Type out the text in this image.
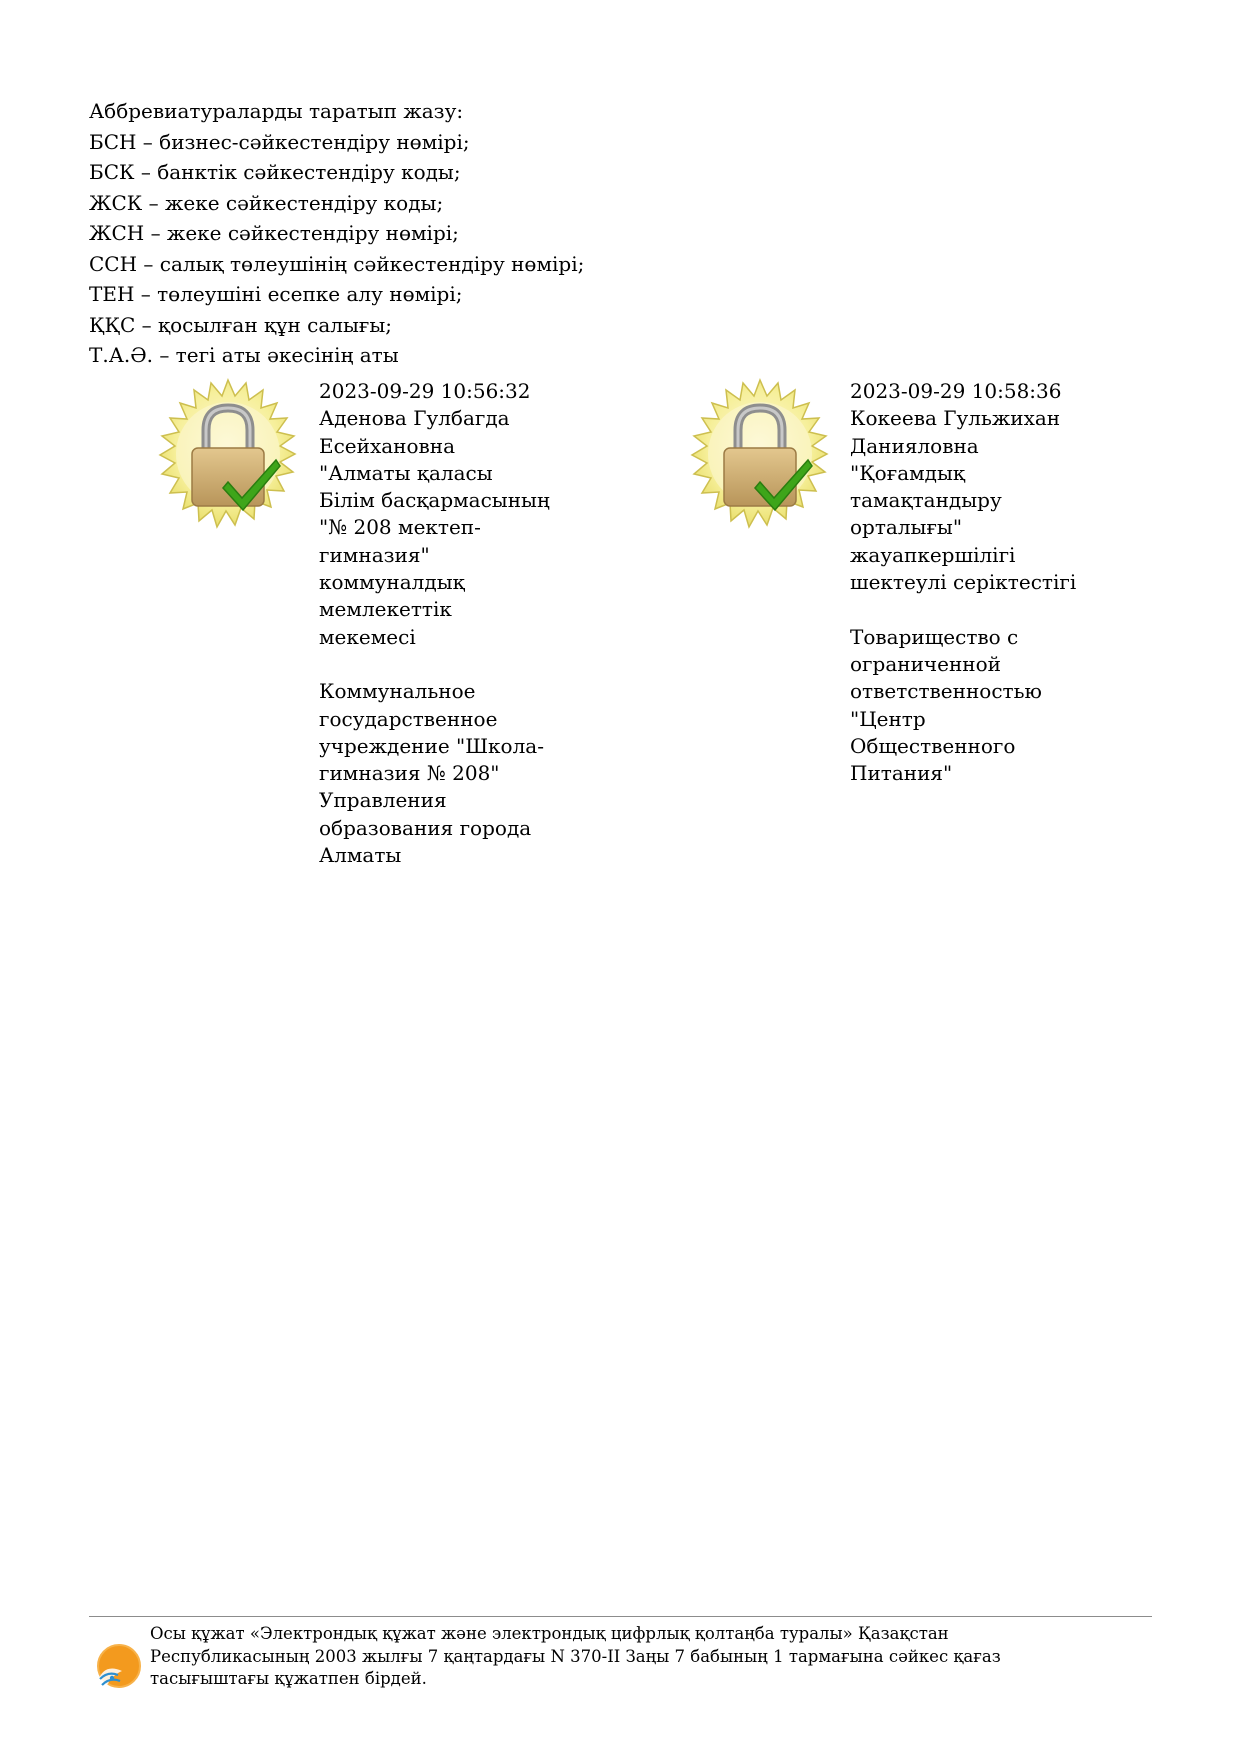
Аббревиатураларды таратып жазу:
БСН – бизнес-сәйкестендіру нөмірі;
БСК – банктік сәйкестендіру коды;
ЖСК – жеке сәйкестендіру коды;
ЖСН – жеке сәйкестендіру нөмірі;
ССН – салық төлеушінің сәйкестендіру нөмірі;
ТЕН – төлеушіні есепке алу нөмірі;
ҚҚС – қосылған құн салығы;
Т.А.Ә. – тегі аты әкесінің аты
2023-09-29 10:56:32
Аденова Гулбагда
Есейхановна
"Алматы қаласы
Білім басқармасының
"№ 208 мектеп-
гимназия"
коммуналдық
мемлекеттік
мекемесі

Коммунальное
государственное
учреждение "Школа-
гимназия № 208"
Управления
образования города
Алматы
2023-09-29 10:58:36
Кокеева Гульжихан
Данияловна
"Қоғамдық
тамақтандыру
орталығы"
жауапкершілігі
шектеулі серіктестігі

Товарищество с
ограниченной
ответственностью
"Центр
Общественного
Питания"
Осы құжат «Электрондық құжат және электрондық цифрлық қолтаңба туралы» Қазақстан
Республикасының 2003 жылғы 7 қаңтардағы N 370-II Заңы 7 бабының 1 тармағына сәйкес қағаз
тасығыштағы құжатпен бірдей.
